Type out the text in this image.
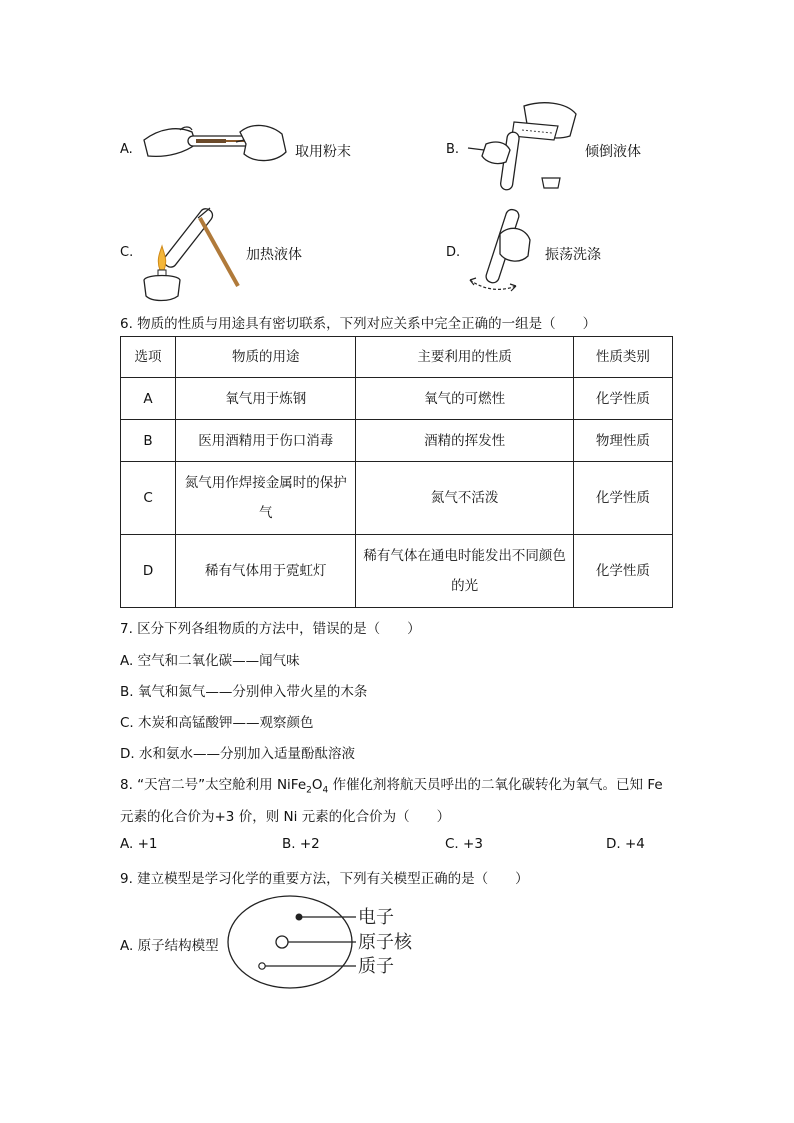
A.	取用粉末	B.	倾倒液体
C.	加热液体	D.	振荡洗涤
6. 物质的性质与用途具有密切联系，下列对应关系中完全正确的一组是（　　）
选项	物质的用途	主要利用的性质	性质类别
A	氧气用于炼钢	氧气的可燃性	化学性质
B	医用酒精用于伤口消毒	酒精的挥发性	物理性质
C	氮气用作焊接金属时的保护气	氮气不活泼	化学性质
D	稀有气体用于霓虹灯	稀有气体在通电时能发出不同颜色的光	化学性质
7. 区分下列各组物质的方法中，错误的是（　　）
A. 空气和二氧化碳——闻气味
B. 氧气和氮气——分别伸入带火星的木条
C. 木炭和高锰酸钾——观察颜色
D. 水和氨水——分别加入适量酚酞溶液
8. “天宫二号”太空舱利用 $NiFe_2O_4$ 作催化剂将航天员呼出的二氧化碳转化为氧气。已知 Fe
元素的化合价为+3 价，则 Ni 元素的化合价为（　　）
A. +1	B. +2	C. +3	D. +4
9. 建立模型是学习化学的重要方法，下列有关模型正确的是（　　）
A. 原子结构模型
电子
原子核
质子
